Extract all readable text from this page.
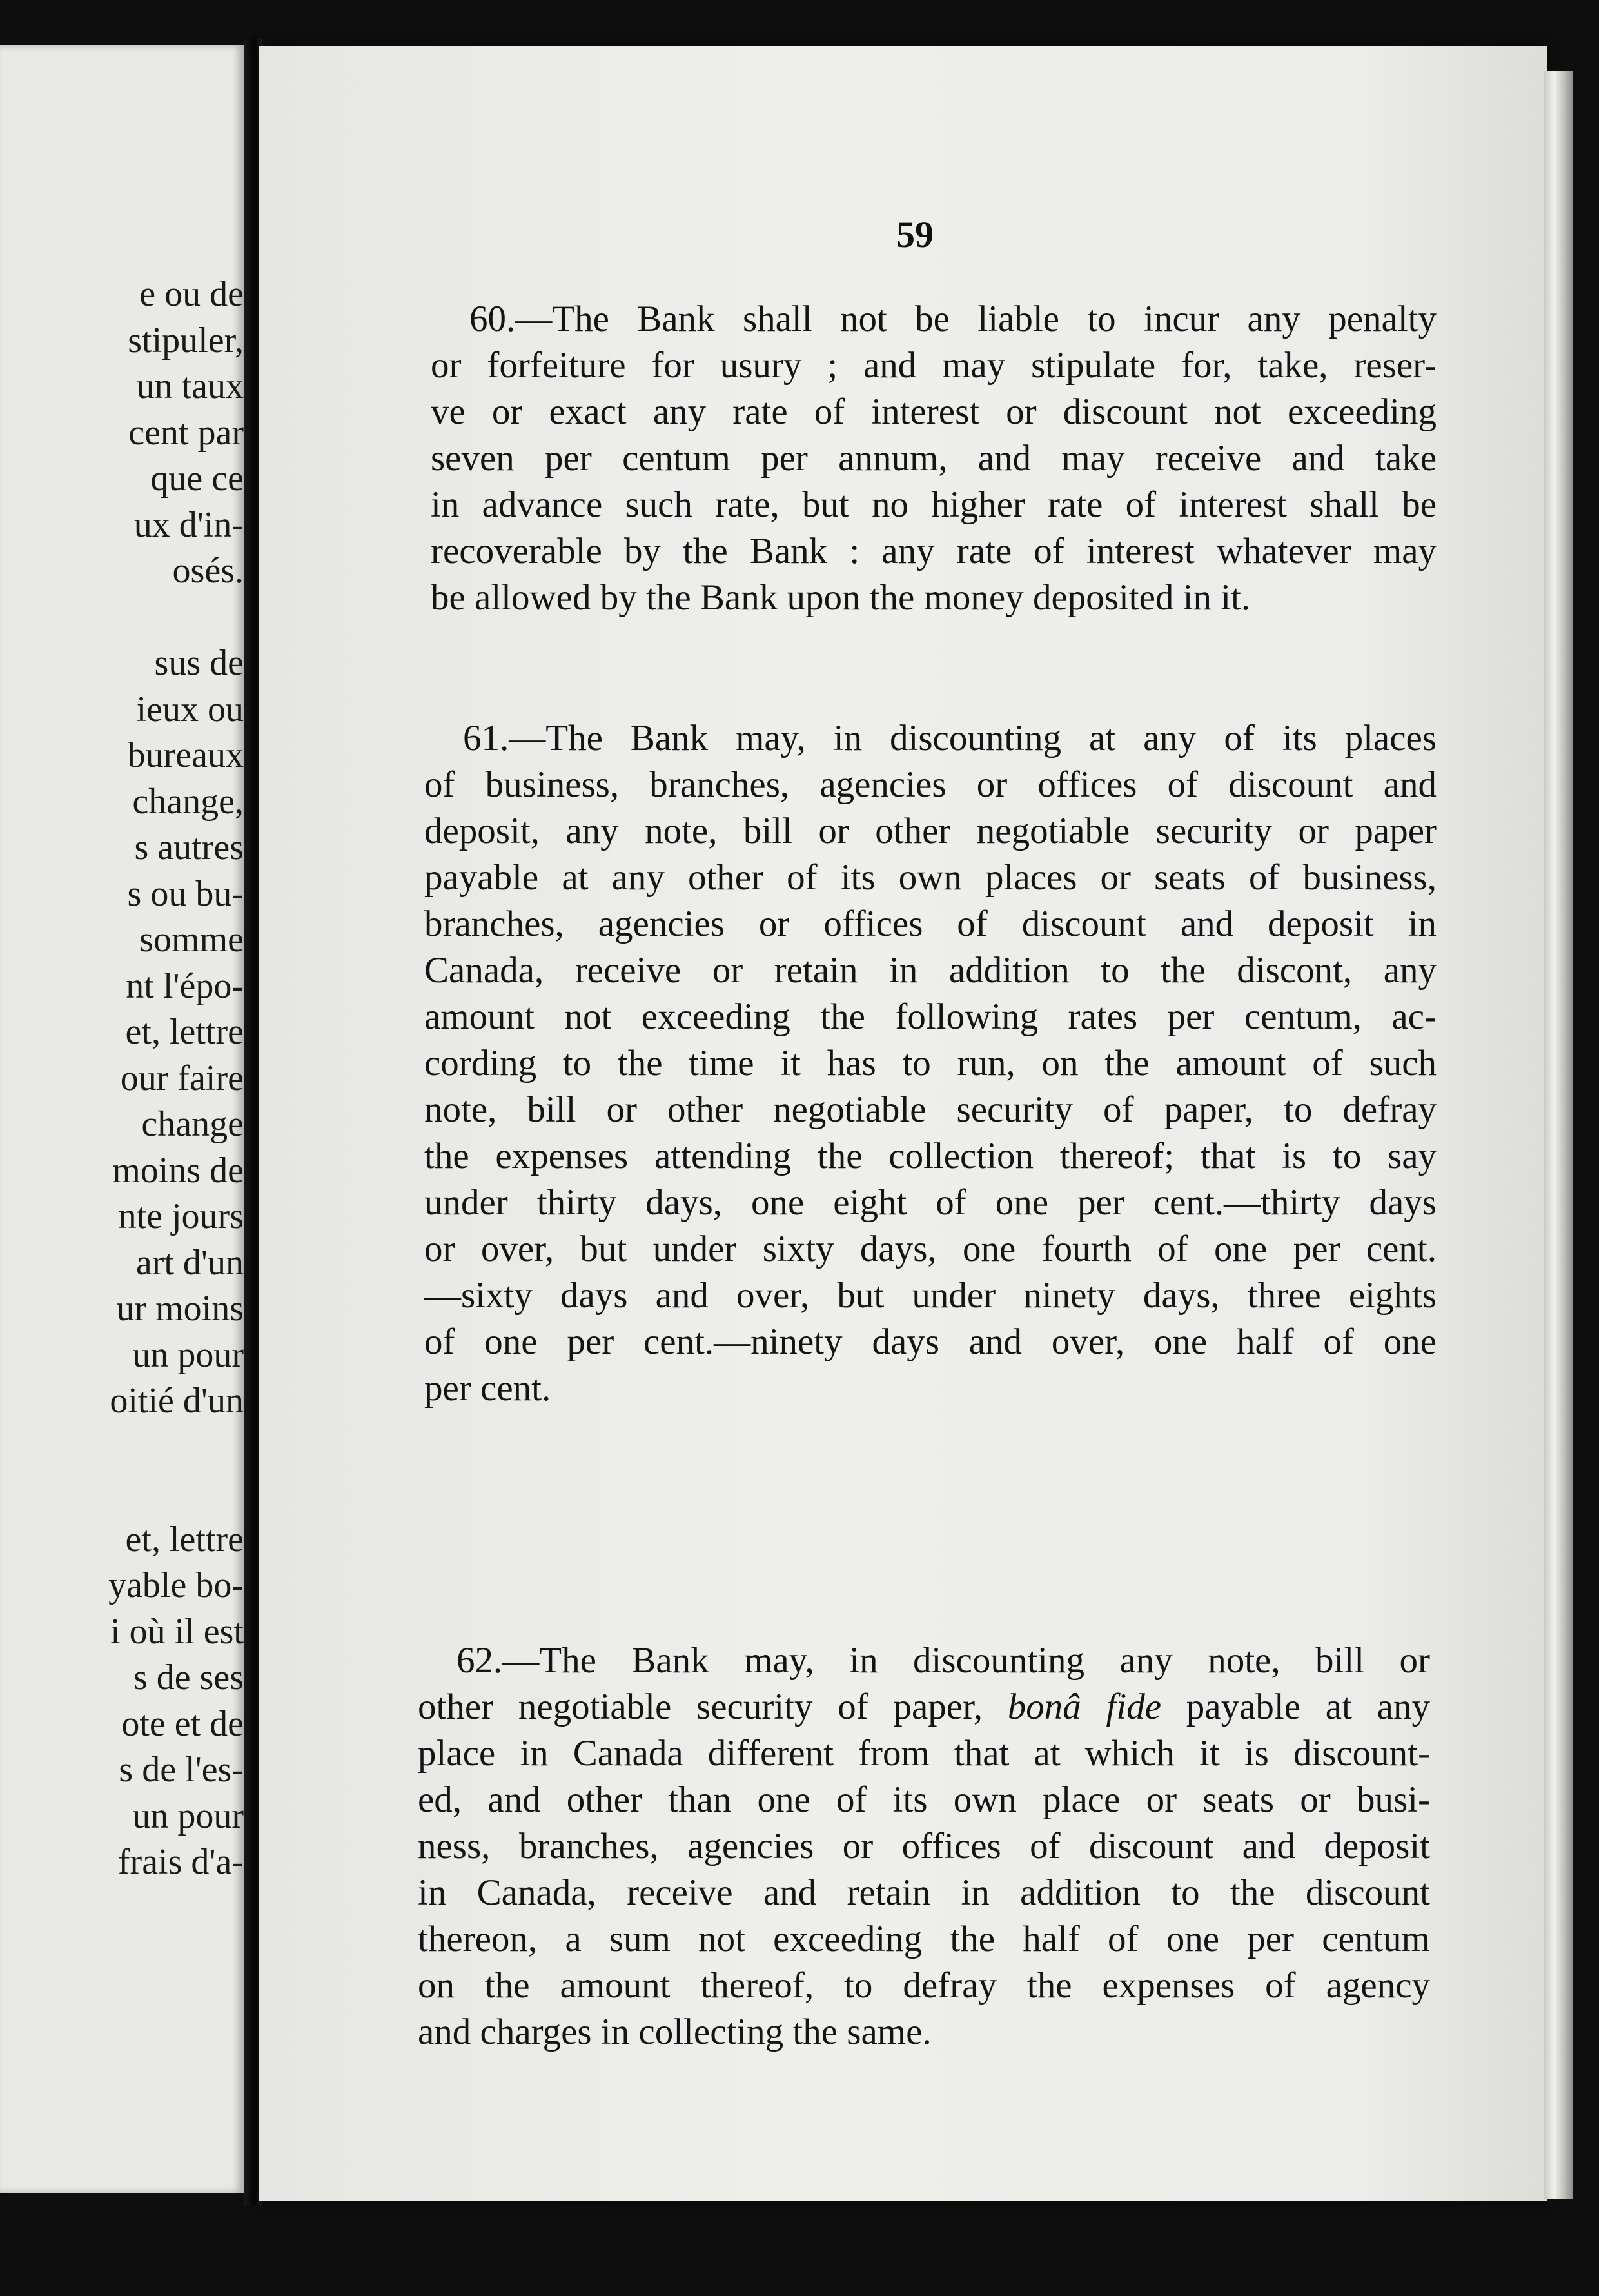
e ou de
stipuler,
un taux
cent par
que ce
ux d'in-
osés.
sus de
ieux ou
bureaux
change,
s autres
s ou bu-
somme
nt l'épo-
et, lettre
our faire
change
moins de
nte jours
art d'un
ur moins
un pour
oitié d'un
et, lettre
yable bo-
i où il est
s de ses
ote et de
s de l'es-
un pour
frais d'a-
59
60.—The Bank shall not be liable to incur any penalty
or forfeiture for usury ; and may stipulate for, take, reser-
ve or exact any rate of interest or discount not exceeding
seven per centum per annum, and may receive and take
in advance such rate, but no higher rate of interest shall be
recoverable by the Bank : any rate of interest whatever may
be allowed by the Bank upon the money deposited in it.
61.—The Bank may, in discounting at any of its places
of business, branches, agencies or offices of discount and
deposit, any note, bill or other negotiable security or paper
payable at any other of its own places or seats of business,
branches, agencies or offices of discount and deposit in
Canada, receive or retain in addition to the discont, any
amount not exceeding the following rates per centum, ac-
cording to the time it has to run, on the amount of such
note, bill or other negotiable security of paper, to defray
the expenses attending the collection thereof; that is to say
under thirty days, one eight of one per cent.—thirty days
or over, but under sixty days, one fourth of one per cent.
—sixty days and over, but under ninety days, three eights
of one per cent.—ninety days and over, one half of one
per cent.
62.—The Bank may, in discounting any note, bill or
other negotiable security of paper, bonâ fide payable at any
place in Canada different from that at which it is discount-
ed, and other than one of its own place or seats or busi-
ness, branches, agencies or offices of discount and deposit
in Canada, receive and retain in addition to the discount
thereon, a sum not exceeding the half of one per centum
on the amount thereof, to defray the expenses of agency
and charges in collecting the same.
